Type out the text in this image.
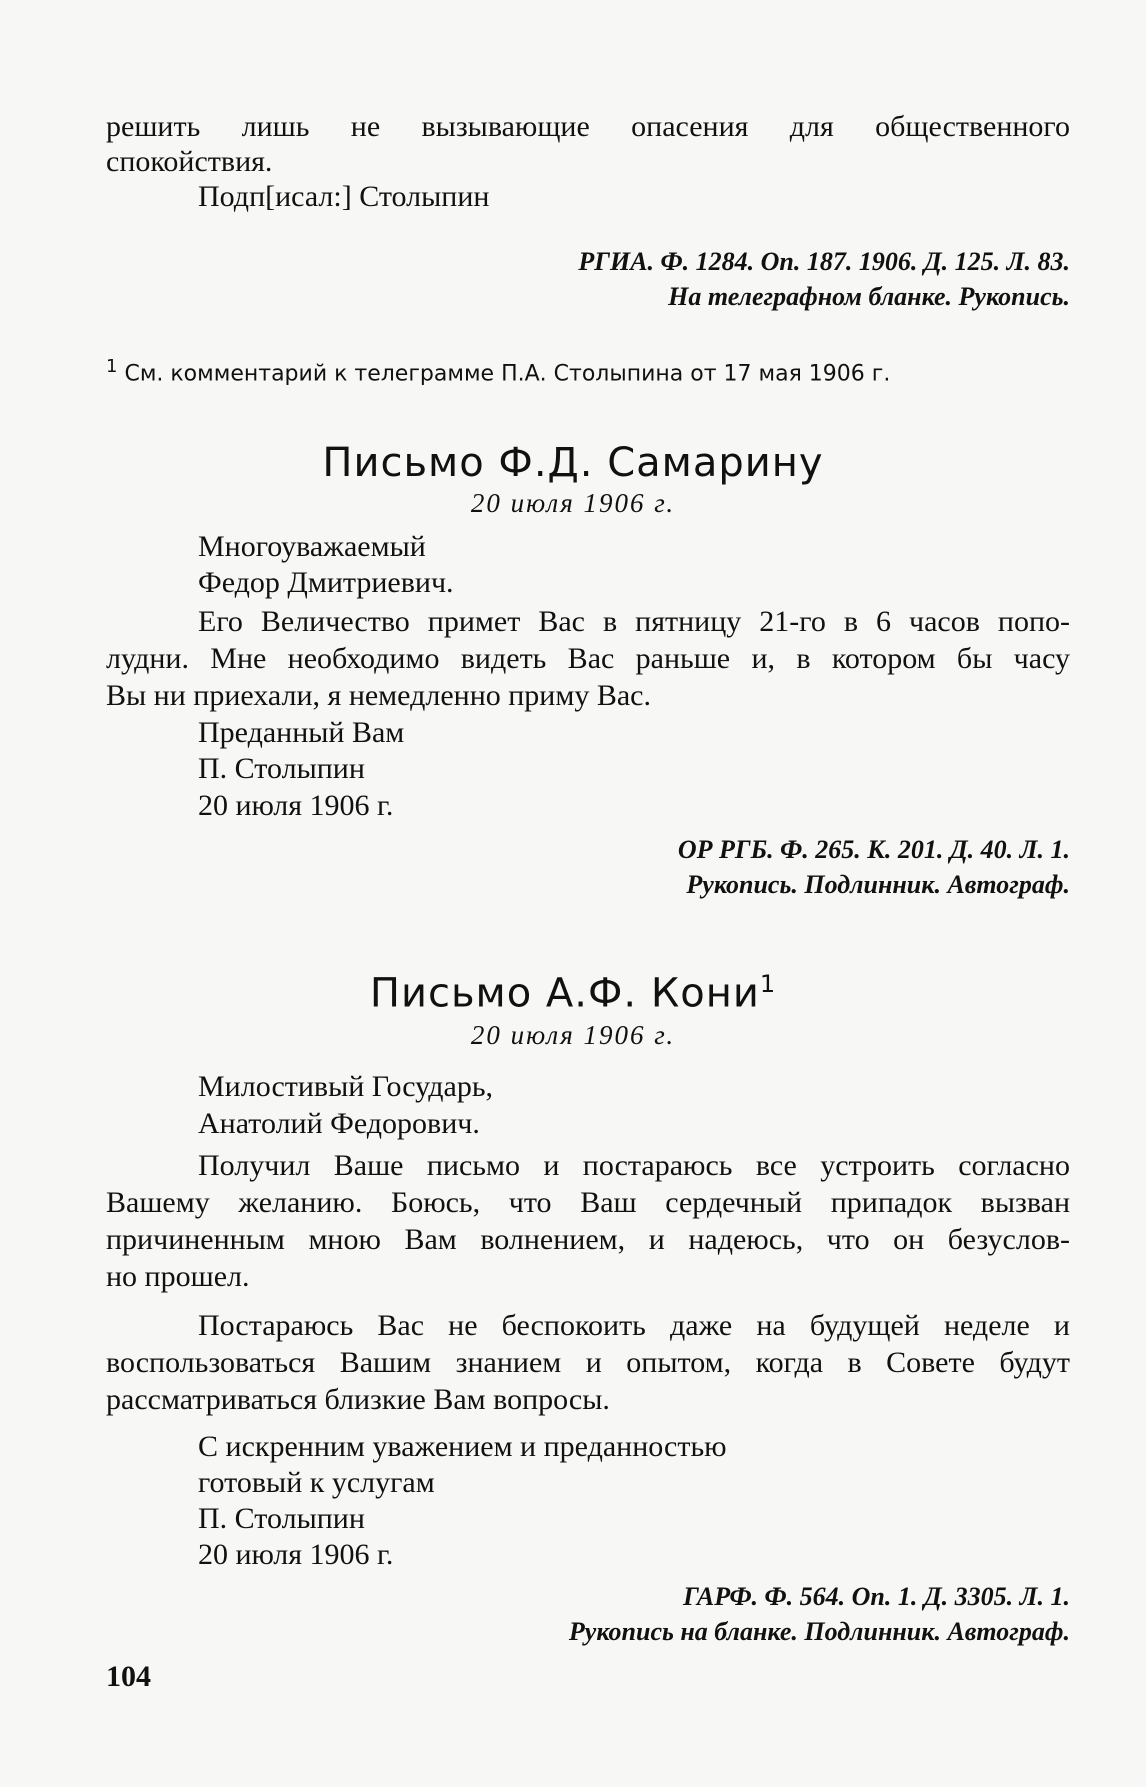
решить лишь не вызывающие опасения для общественного
спокойствия.
Подп[исал:] Столыпин
РГИА. Ф. 1284. Оп. 187. 1906. Д. 125. Л. 83.
На телеграфном бланке. Рукопись.
$^1$ См. комментарий к телеграмме П.А. Столыпина от 17 мая 1906 г.
Письмо Ф.Д. Самарину
20 июля 1906 г.
Многоуважаемый
Федор Дмитриевич.
Его Величество примет Вас в пятницу 21-го в 6 часов попо-
лудни. Мне необходимо видеть Вас раньше и, в котором бы часу
Вы ни приехали, я немедленно приму Вас.
Преданный Вам
П. Столыпин
20 июля 1906 г.
ОР РГБ. Ф. 265. К. 201. Д. 40. Л. 1.
Рукопись. Подлинник. Автограф.
Письмо А.Ф. Кони$^1$
20 июля 1906 г.
Милостивый Государь,
Анатолий Федорович.
Получил Ваше письмо и постараюсь все устроить согласно
Вашему желанию. Боюсь, что Ваш сердечный припадок вызван
причиненным мною Вам волнением, и надеюсь, что он безуслов-
но прошел.
Постараюсь Вас не беспокоить даже на будущей неделе и
воспользоваться Вашим знанием и опытом, когда в Совете будут
рассматриваться близкие Вам вопросы.
С искренним уважением и преданностью
готовый к услугам
П. Столыпин
20 июля 1906 г.
ГАРФ. Ф. 564. Оп. 1. Д. 3305. Л. 1.
Рукопись на бланке. Подлинник. Автограф.
104
